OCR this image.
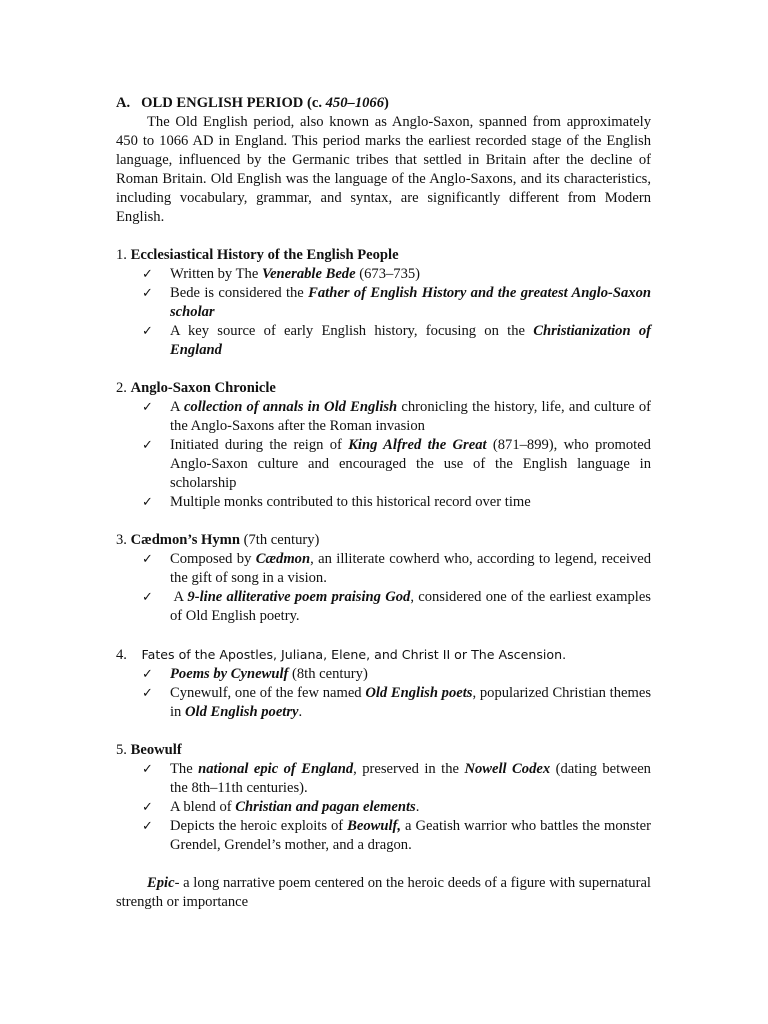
A. OLD ENGLISH PERIOD (c. 450–1066)

The Old English period, also known as Anglo-Saxon, spanned from approximately 450 to 1066 AD in England. This period marks the earliest recorded stage of the English language, influenced by the Germanic tribes that settled in Britain after the decline of Roman Britain. Old English was the language of the Anglo-Saxons, and its characteristics, including vocabulary, grammar, and syntax, are significantly different from Modern English.

1. Ecclesiastical History of the English People

✓ Written by The Venerable Bede (673–735)
✓ Bede is considered the Father of English History and the greatest Anglo-Saxon scholar
✓ A key source of early English history, focusing on the Christianization of England

2. Anglo-Saxon Chronicle

✓ A collection of annals in Old English chronicling the history, life, and culture of the Anglo-Saxons after the Roman invasion
✓ Initiated during the reign of King Alfred the Great (871–899), who promoted Anglo-Saxon culture and encouraged the use of the English language in scholarship
✓ Multiple monks contributed to this historical record over time

3. Cædmon’s Hymn (7th century)

✓ Composed by Cædmon, an illiterate cowherd who, according to legend, received the gift of song in a vision.
✓ A 9-line alliterative poem praising God, considered one of the earliest examples of Old English poetry.

4. Fates of the Apostles, Juliana, Elene, and Christ II or The Ascension.

✓ Poems by Cynewulf (8th century)
✓ Cynewulf, one of the few named Old English poets, popularized Christian themes in Old English poetry.

5. Beowulf

✓ The national epic of England, preserved in the Nowell Codex (dating between the 8th–11th centuries).
✓ A blend of Christian and pagan elements.
✓ Depicts the heroic exploits of Beowulf, a Geatish warrior who battles the monster Grendel, Grendel’s mother, and a dragon.

Epic- a long narrative poem centered on the heroic deeds of a figure with supernatural strength or importance
